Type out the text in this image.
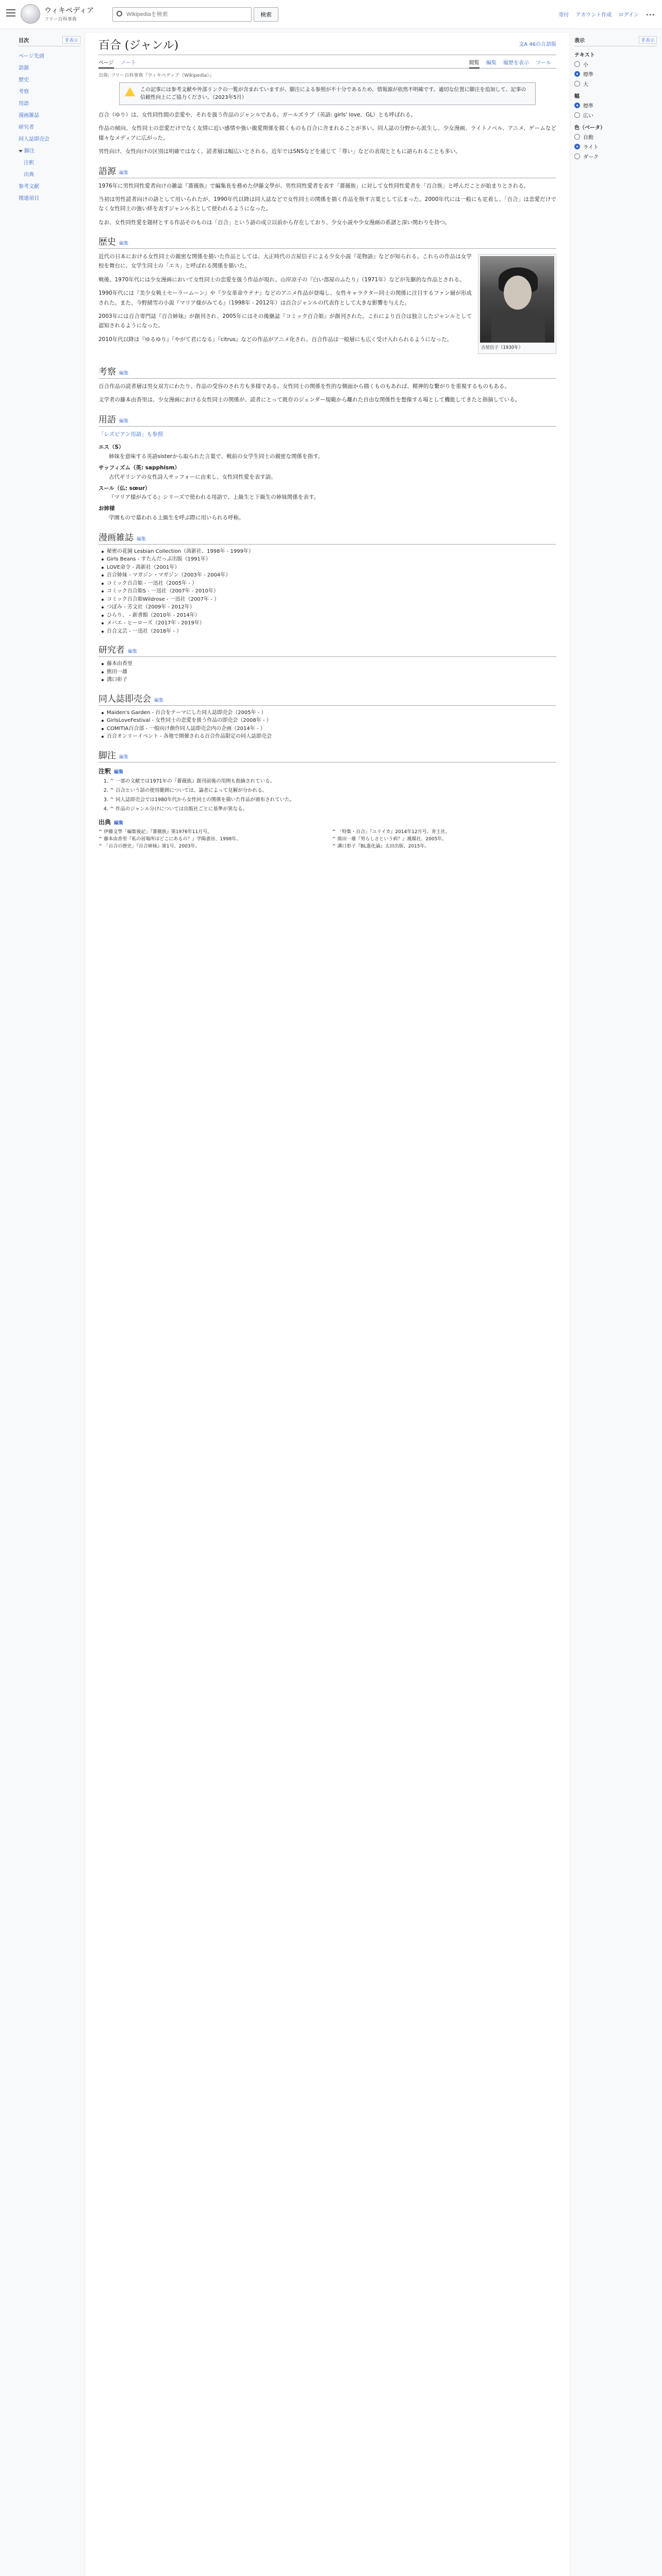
ウィキペディア
フリー百科事典
Wikipediaを検索
検索	寄付 アカウント作成 ログイン •••
目次	非表示
ページ先頭
語源
歴史
考察
用語
漫画雑誌
研究者
同人誌即売会
脚注
注釈
出典
参考文献
関連項目
百合 (ジャンル)	文A 46の言語版
ページ ノート	閲覧 編集 履歴を表示 ツール
出典: フリー百科事典『ウィキペディア（Wikipedia）』
この記事には参考文献や外部リンクの一覧が含まれていますが、脚注による参照が不十分であるため、情報源が依然不明確です。適切な位置に脚注を追加して、記事の信頼性向上にご協力ください。（2023年5月）

百合（ゆり）は、女性同性間の恋愛や、それを扱う作品のジャンルである。ガールズラブ（英語: girls' love、GL）とも呼ばれる。

作品の傾向、女性同士の恋愛だけでなく友情に近い感情や強い親愛関係を描くものも百合に含まれることが多い。同人誌の分野から派生し、少女漫画、ライトノベル、アニメ、ゲームなど様々なメディアに広がった。

男性向け、女性向けの区別は明確ではなく、読者層は幅広いとされる。近年ではSNSなどを通じて「尊い」などの表現とともに語られることも多い。

語源 編集

1976年に男性同性愛者向けの雑誌『薔薇族』で編集長を務めた伊藤文學が、男性同性愛者を表す「薔薇族」に対して女性同性愛者を「百合族」と呼んだことが始まりとされる。

当初は男性読者向けの語として用いられたが、1990年代以降は同人誌などで女性同士の関係を描く作品を指す言葉として広まった。2000年代には一般にも定着し、「百合」は恋愛だけでなく女性同士の強い絆を表すジャンル名として使われるようになった。

なお、女性同性愛を題材とする作品そのものは「百合」という語の成立以前から存在しており、少女小説や少女漫画の系譜と深い関わりを持つ。

歴史 編集
吉屋信子（1930年）

近代の日本における女性同士の親密な関係を描いた作品としては、大正時代の吉屋信子による少女小説『花物語』などが知られる。これらの作品は女学校を舞台に、女学生同士の「エス」と呼ばれる関係を描いた。

戦後、1970年代には少女漫画において女性同士の恋愛を扱う作品が現れ、山岸凉子の『白い部屋のふたり』（1971年）などが先駆的な作品とされる。

1990年代には『美少女戦士セーラームーン』や『少女革命ウテナ』などのアニメ作品が登場し、女性キャラクター同士の関係に注目するファン層が形成された。また、今野緒雪の小説『マリア様がみてる』（1998年 - 2012年）は百合ジャンルの代表作として大きな影響を与えた。

2003年には百合専門誌『百合姉妹』が創刊され、2005年にはその後継誌『コミック百合姫』が創刊された。これにより百合は独立したジャンルとして認知されるようになった。

2010年代以降は『ゆるゆり』『やがて君になる』『citrus』などの作品がアニメ化され、百合作品は一般層にも広く受け入れられるようになった。

考察 編集

百合作品の読者層は男女双方にわたり、作品の受容のされ方も多様である。女性同士の関係を性的な側面から描くものもあれば、精神的な繋がりを重視するものもある。

文学者の藤本由香里は、少女漫画における女性同士の関係が、読者にとって既存のジェンダー規範から離れた自由な関係性を想像する場として機能してきたと指摘している。

用語 編集

「レズビアン用語」も参照

エス（S）
姉妹を意味する英語sisterから取られた言葉で、戦前の女学生同士の親密な関係を指す。
サッフィズム（英: sapphism）
古代ギリシアの女性詩人サッフォーに由来し、女性同性愛を表す語。
スール（仏: sœur）
『マリア様がみてる』シリーズで使われる用語で、上級生と下級生の姉妹関係を表す。
お姉様
学園もので慕われる上級生を呼ぶ際に用いられる呼称。
漫画雑誌 編集
秘密の花園 Lesbian Collection（茜新社、1998年 - 1999年）
Girls Beans - すたんだっぷ出版（1991年）
LOVE命令 - 茜新社（2001年）
百合姉妹 - マガジン・マガジン（2003年 - 2004年）
コミック百合姫 - 一迅社（2005年 - ）
コミック百合姫S - 一迅社（2007年 - 2010年）
コミック百合姫Wildrose - 一迅社（2007年 - ）
つぼみ - 芳文社（2009年 - 2012年）
ひらり、 - 新書館（2010年 - 2014年）
メバエ - ヒーローズ（2017年 - 2019年）
百合文芸 - 一迅社（2018年 - ）
研究者 編集
藤本由香里
熊田一雄
溝口彰子
同人誌即売会 編集
Maiden's Garden - 百合をテーマにした同人誌即売会（2005年 - ）
GirlsLoveFestival - 女性同士の恋愛を扱う作品の即売会（2008年 - ）
COMITIA百合部 - 一般向け創作同人誌即売会内の企画（2014年 - ）
百合オンリーイベント - 各地で開催される百合作品限定の同人誌即売会
脚注 編集
注釈 編集
1. ^ 一部の文献では1971年の『薔薇族』創刊前後の用例も指摘されている。
2. ^ 百合という語の使用範囲については、論者によって見解が分かれる。
3. ^ 同人誌即売会では1980年代から女性同士の関係を描いた作品が頒布されていた。
4. ^ 作品のジャンル分けについては出版社ごとに基準が異なる。
出典 編集
^ 伊藤文學「編集後記」『薔薇族』第1976年11月号。
^ 藤本由香里『私の居場所はどこにあるの？』学陽書房、1998年。
^ 「百合の歴史」『百合姉妹』第1号、2003年。
^ 「特集・百合」『ユリイカ』2014年12月号、青土社。
^ 熊田一雄『男らしさという病？』風媒社、2005年。
^ 溝口彰子『BL進化論』太田出版、2015年。
表示	非表示
テキスト
小
標準
大
幅
標準
広い
色（ベータ）
自動
ライト
ダーク
